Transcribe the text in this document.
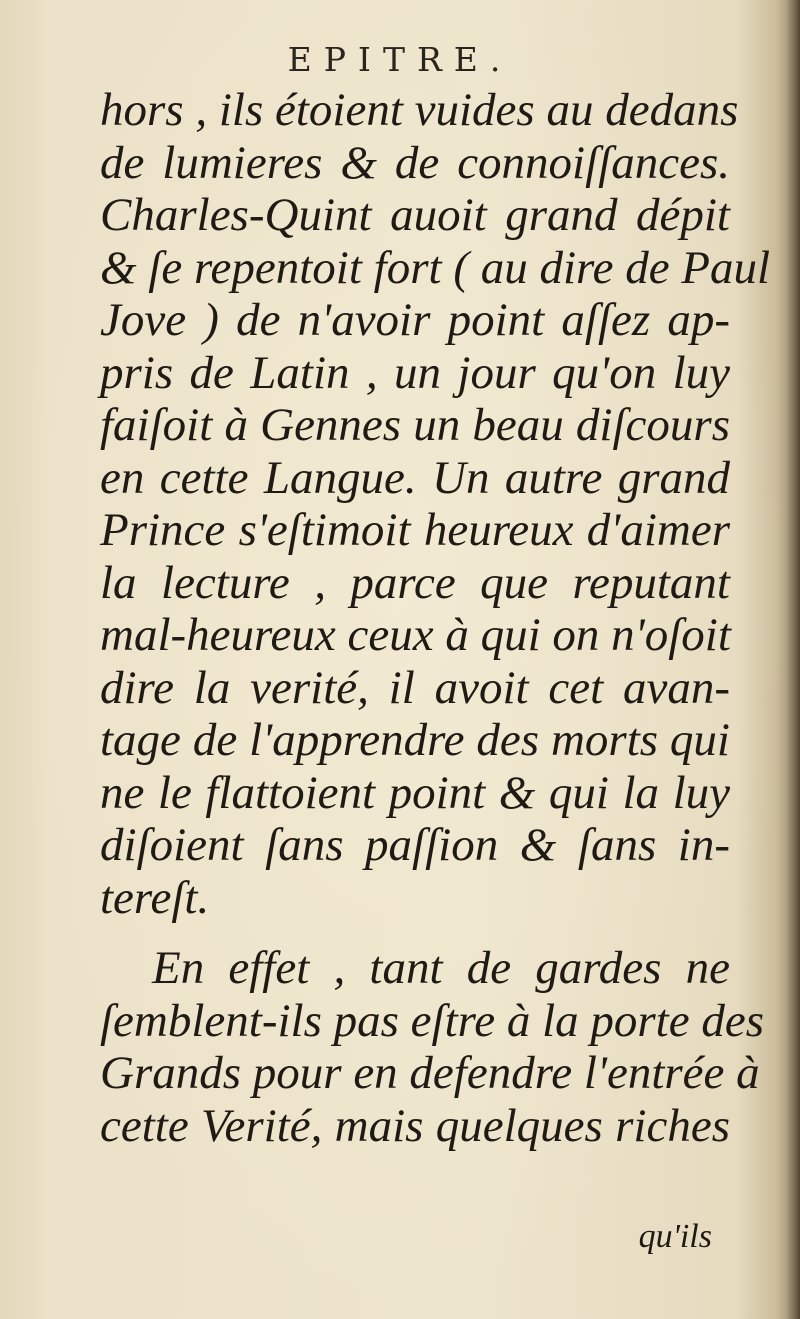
EPITRE.
hors , ils étoient vuides au dedans
de lumieres & de connoiſſances.
Charles-Quint auoit grand dépit
& ſe repentoit fort ( au dire de Paul
Jove ) de n'avoir point aſſez ap-
pris de Latin , un jour qu'on luy
faiſoit à Gennes un beau diſcours
en cette Langue. Un autre grand
Prince s'eſtimoit heureux d'aimer
la lecture , parce que reputant
mal-heureux ceux à qui on n'oſoit
dire la verité, il avoit cet avan-
tage de l'apprendre des morts qui
ne le flattoient point & qui la luy
diſoient ſans paſſion & ſans in-
tereſt.
En effet , tant de gardes ne
ſemblent-ils pas eſtre à la porte des
Grands pour en defendre l'entrée à
cette Verité, mais quelques riches
qu'ils
